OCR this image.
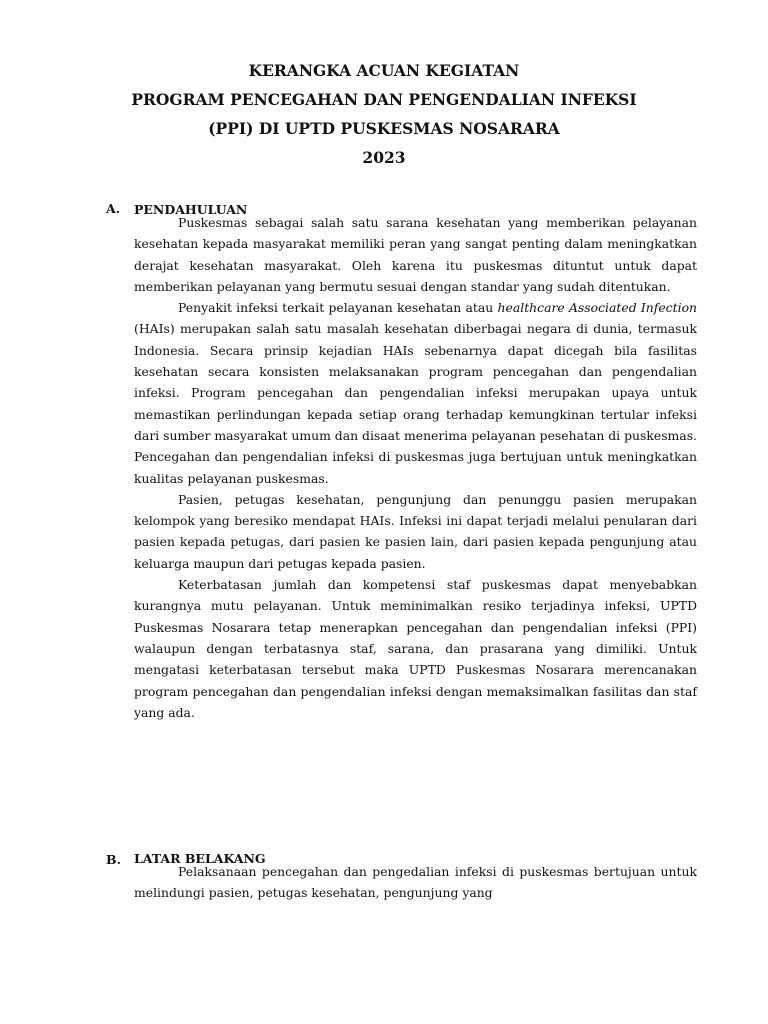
KERANGKA ACUAN KEGIATAN
PROGRAM PENCEGAHAN DAN PENGENDALIAN INFEKSI
(PPI) DI UPTD PUSKESMAS NOSARARA
2023
A. PENDAHULUAN

Puskesmas sebagai salah satu sarana kesehatan yang memberikan pelayanan kesehatan kepada masyarakat memiliki peran yang sangat penting dalam meningkatkan derajat kesehatan masyarakat. Oleh karena itu puskesmas dituntut untuk dapat memberikan pelayanan yang bermutu sesuai dengan standar yang sudah ditentukan.

Penyakit infeksi terkait pelayanan kesehatan atau healthcare Associated Infection (HAIs) merupakan salah satu masalah kesehatan diberbagai negara di dunia, termasuk Indonesia. Secara prinsip kejadian HAIs sebenarnya dapat dicegah bila fasilitas kesehatan secara konsisten melaksanakan program pencegahan dan pengendalian infeksi. Program pencegahan dan pengendalian infeksi merupakan upaya untuk memastikan perlindungan kepada setiap orang terhadap kemungkinan tertular infeksi dari sumber masyarakat umum dan disaat menerima pelayanan pesehatan di puskesmas. Pencegahan dan pengendalian infeksi di puskesmas juga bertujuan untuk meningkatkan kualitas pelayanan puskesmas.

Pasien, petugas kesehatan, pengunjung dan penunggu pasien merupakan kelompok yang beresiko mendapat HAIs. Infeksi ini dapat terjadi melalui penularan dari pasien kepada petugas, dari pasien ke pasien lain, dari pasien kepada pengunjung atau keluarga maupun dari petugas kepada pasien.

Keterbatasan jumlah dan kompetensi staf puskesmas dapat menyebabkan kurangnya mutu pelayanan. Untuk meminimalkan resiko terjadinya infeksi, UPTD Puskesmas Nosarara tetap menerapkan pencegahan dan pengendalian infeksi (PPI) walaupun dengan terbatasnya staf, sarana, dan prasarana yang dimiliki. Untuk mengatasi keterbatasan tersebut maka UPTD Puskesmas Nosarara merencanakan program pencegahan dan pengendalian infeksi dengan memaksimalkan fasilitas dan staf yang ada.

B. LATAR BELAKANG

Pelaksanaan pencegahan dan pengedalian infeksi di puskesmas bertujuan untuk melindungi pasien, petugas kesehatan, pengunjung yang
